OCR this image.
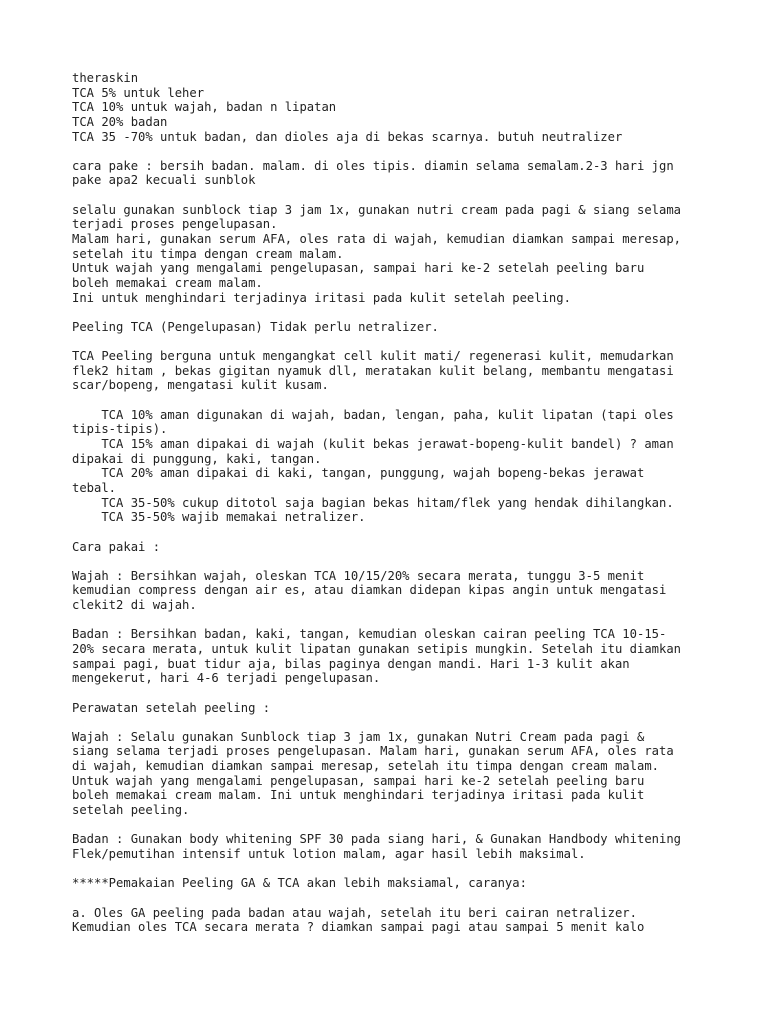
theraskin
TCA 5% untuk leher
TCA 10% untuk wajah, badan n lipatan
TCA 20% badan
TCA 35 -70% untuk badan, dan dioles aja di bekas scarnya. butuh neutralizer
cara pake : bersih badan. malam. di oles tipis. diamin selama semalam.2-3 hari jgn
pake apa2 kecuali sunblok
selalu gunakan sunblock tiap 3 jam 1x, gunakan nutri cream pada pagi & siang selama
terjadi proses pengelupasan.
Malam hari, gunakan serum AFA, oles rata di wajah, kemudian diamkan sampai meresap,
setelah itu timpa dengan cream malam.
Untuk wajah yang mengalami pengelupasan, sampai hari ke-2 setelah peeling baru
boleh memakai cream malam.
Ini untuk menghindari terjadinya iritasi pada kulit setelah peeling.
Peeling TCA (Pengelupasan) Tidak perlu netralizer.
TCA Peeling berguna untuk mengangkat cell kulit mati/ regenerasi kulit, memudarkan
flek2 hitam , bekas gigitan nyamuk dll, meratakan kulit belang, membantu mengatasi
scar/bopeng, mengatasi kulit kusam.
TCA 10% aman digunakan di wajah, badan, lengan, paha, kulit lipatan (tapi oles
tipis-tipis).
TCA 15% aman dipakai di wajah (kulit bekas jerawat-bopeng-kulit bandel) ? aman
dipakai di punggung, kaki, tangan.
TCA 20% aman dipakai di kaki, tangan, punggung, wajah bopeng-bekas jerawat
tebal.
TCA 35-50% cukup ditotol saja bagian bekas hitam/flek yang hendak dihilangkan.
TCA 35-50% wajib memakai netralizer.
Cara pakai :
Wajah : Bersihkan wajah, oleskan TCA 10/15/20% secara merata, tunggu 3-5 menit
kemudian compress dengan air es, atau diamkan didepan kipas angin untuk mengatasi
clekit2 di wajah.
Badan : Bersihkan badan, kaki, tangan, kemudian oleskan cairan peeling TCA 10-15-
20% secara merata, untuk kulit lipatan gunakan setipis mungkin. Setelah itu diamkan
sampai pagi, buat tidur aja, bilas paginya dengan mandi. Hari 1-3 kulit akan
mengekerut, hari 4-6 terjadi pengelupasan.
Perawatan setelah peeling :
Wajah : Selalu gunakan Sunblock tiap 3 jam 1x, gunakan Nutri Cream pada pagi &
siang selama terjadi proses pengelupasan. Malam hari, gunakan serum AFA, oles rata
di wajah, kemudian diamkan sampai meresap, setelah itu timpa dengan cream malam.
Untuk wajah yang mengalami pengelupasan, sampai hari ke-2 setelah peeling baru
boleh memakai cream malam. Ini untuk menghindari terjadinya iritasi pada kulit
setelah peeling.
Badan : Gunakan body whitening SPF 30 pada siang hari, & Gunakan Handbody whitening
Flek/pemutihan intensif untuk lotion malam, agar hasil lebih maksimal.
*****Pemakaian Peeling GA & TCA akan lebih maksiamal, caranya:
a. Oles GA peeling pada badan atau wajah, setelah itu beri cairan netralizer.
Kemudian oles TCA secara merata ? diamkan sampai pagi atau sampai 5 menit kalo
